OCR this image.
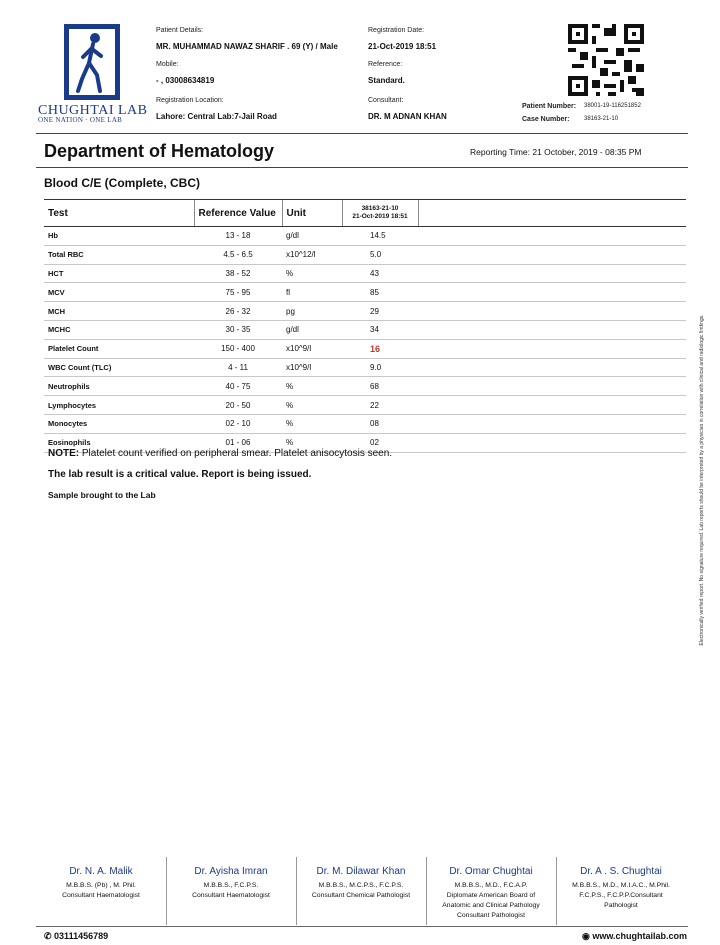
CHUGHTAI LAB
ONE NATION · ONE LAB
Patient Details:
MR. MUHAMMAD NAWAZ SHARIF . 69 (Y) / Male
Mobile:
- , 03008634819
Registration Location:
Lahore: Central Lab:7-Jail Road
Registration Date:
21-Oct-2019 18:51
Reference:
Standard.
Consultant:
DR. M ADNAN KHAN
Patient Number: 38001-19-116251852
Case Number: 38163-21-10
Department of Hematology	Reporting Time: 21 October, 2019 - 08:35 PM
Blood C/E (Complete, CBC)
Test	Reference Value	Unit	38163-21-10
21-Oct-2019 18:51	

Hb	13 - 18	g/dl	14.5	
Total RBC	4.5 - 6.5	x10^12/l	5.0	
HCT	38 - 52	%	43	
MCV	75 - 95	fl	85	
MCH	26 - 32	pg	29	
MCHC	30 - 35	g/dl	34	
Platelet Count	150 - 400	x10^9/l	16	
WBC Count (TLC)	4 - 11	x10^9/l	9.0	
Neutrophils	40 - 75	%	68	
Lymphocytes	20 - 50	%	22	
Monocytes	02 - 10	%	08	
Eosinophils	01 - 06	%	02	
NOTE: Platelet count verified on peripheral smear. Platelet anisocytosis seen.
The lab result is a critical value. Report is being issued.
Sample brought to the Lab	Electronically verified report. No signature required. Lab reports should be interpreted by a physician in correlation with clinical and radiologic findings.
Dr. N. A. Malik
M.B.B.S. (Pb) , M. Phil.
Consultant Haematologist
Dr. Ayisha Imran
M.B.B.S., F.C.P.S.
Consultant Haematologist
Dr. M. Dilawar Khan
M.B.B.S., M.C.P.S., F.C.P.S.
Consultant Chemical Pathologist
Dr. Omar Chughtai
M.B.B.S., M.D., F.C.A.P.
Diplomate American Board of
Anatomic and Clinical Pathology
Consultant Pathologist
Dr. A . S. Chughtai
M.B.B.S., M.D., M.I.A.C., M.Phil.
F.C.P.S., F.C.P.P.Consultant
Pathologist
✆ 03111456789	◉ www.chughtailab.com
